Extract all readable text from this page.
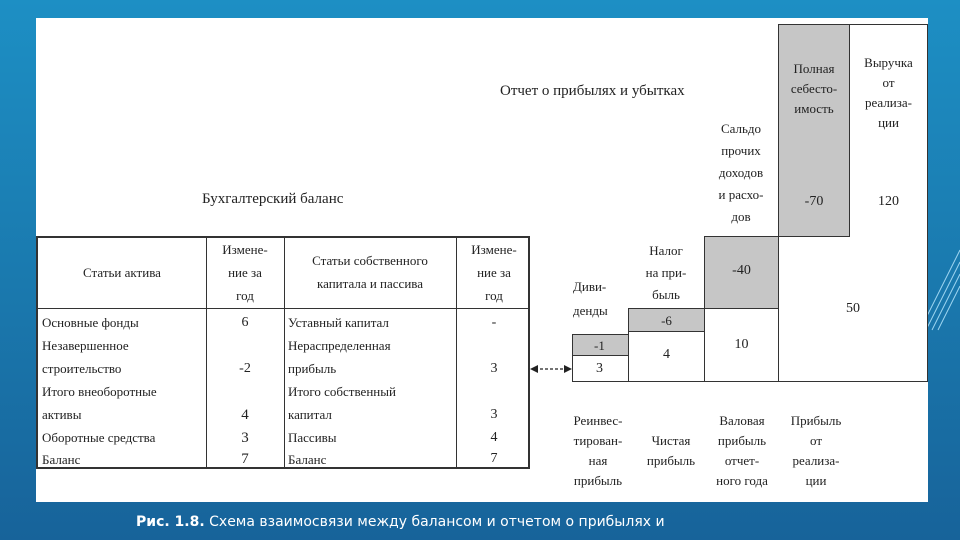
Отчет о прибылях и убытках
Бухгалтерский баланс
Статьи актива
Измене-
ние за
год
Статьи собственного
капитала и пассива
Измене-
ние за
год
Основные фонды
Незавершенное
строительство
Итого внеоборотные
активы
Оборотные средства
Баланс
6
-2
4
3
7
Уставный капитал
Нераспределенная
прибыль
Итого собственный
капитал
Пассивы
Баланс
-
3
3
4
7
Полная
себесто-
имость
-70
Выручка
от
реализа-
ции
120
Сальдо
прочих
доходов
и расхо-
дов
50
-40
Налог
на при-
быль
10
-6
Диви-
денды
4
-1
3
Реинвес-
тирован-
ная
прибыль
Чистая
прибыль
Валовая
прибыль
отчет-
ного года
Прибыль
от
реализа-
ции
Рис. 1.8. Схема взаимосвязи между балансом и отчетом о прибылях и
